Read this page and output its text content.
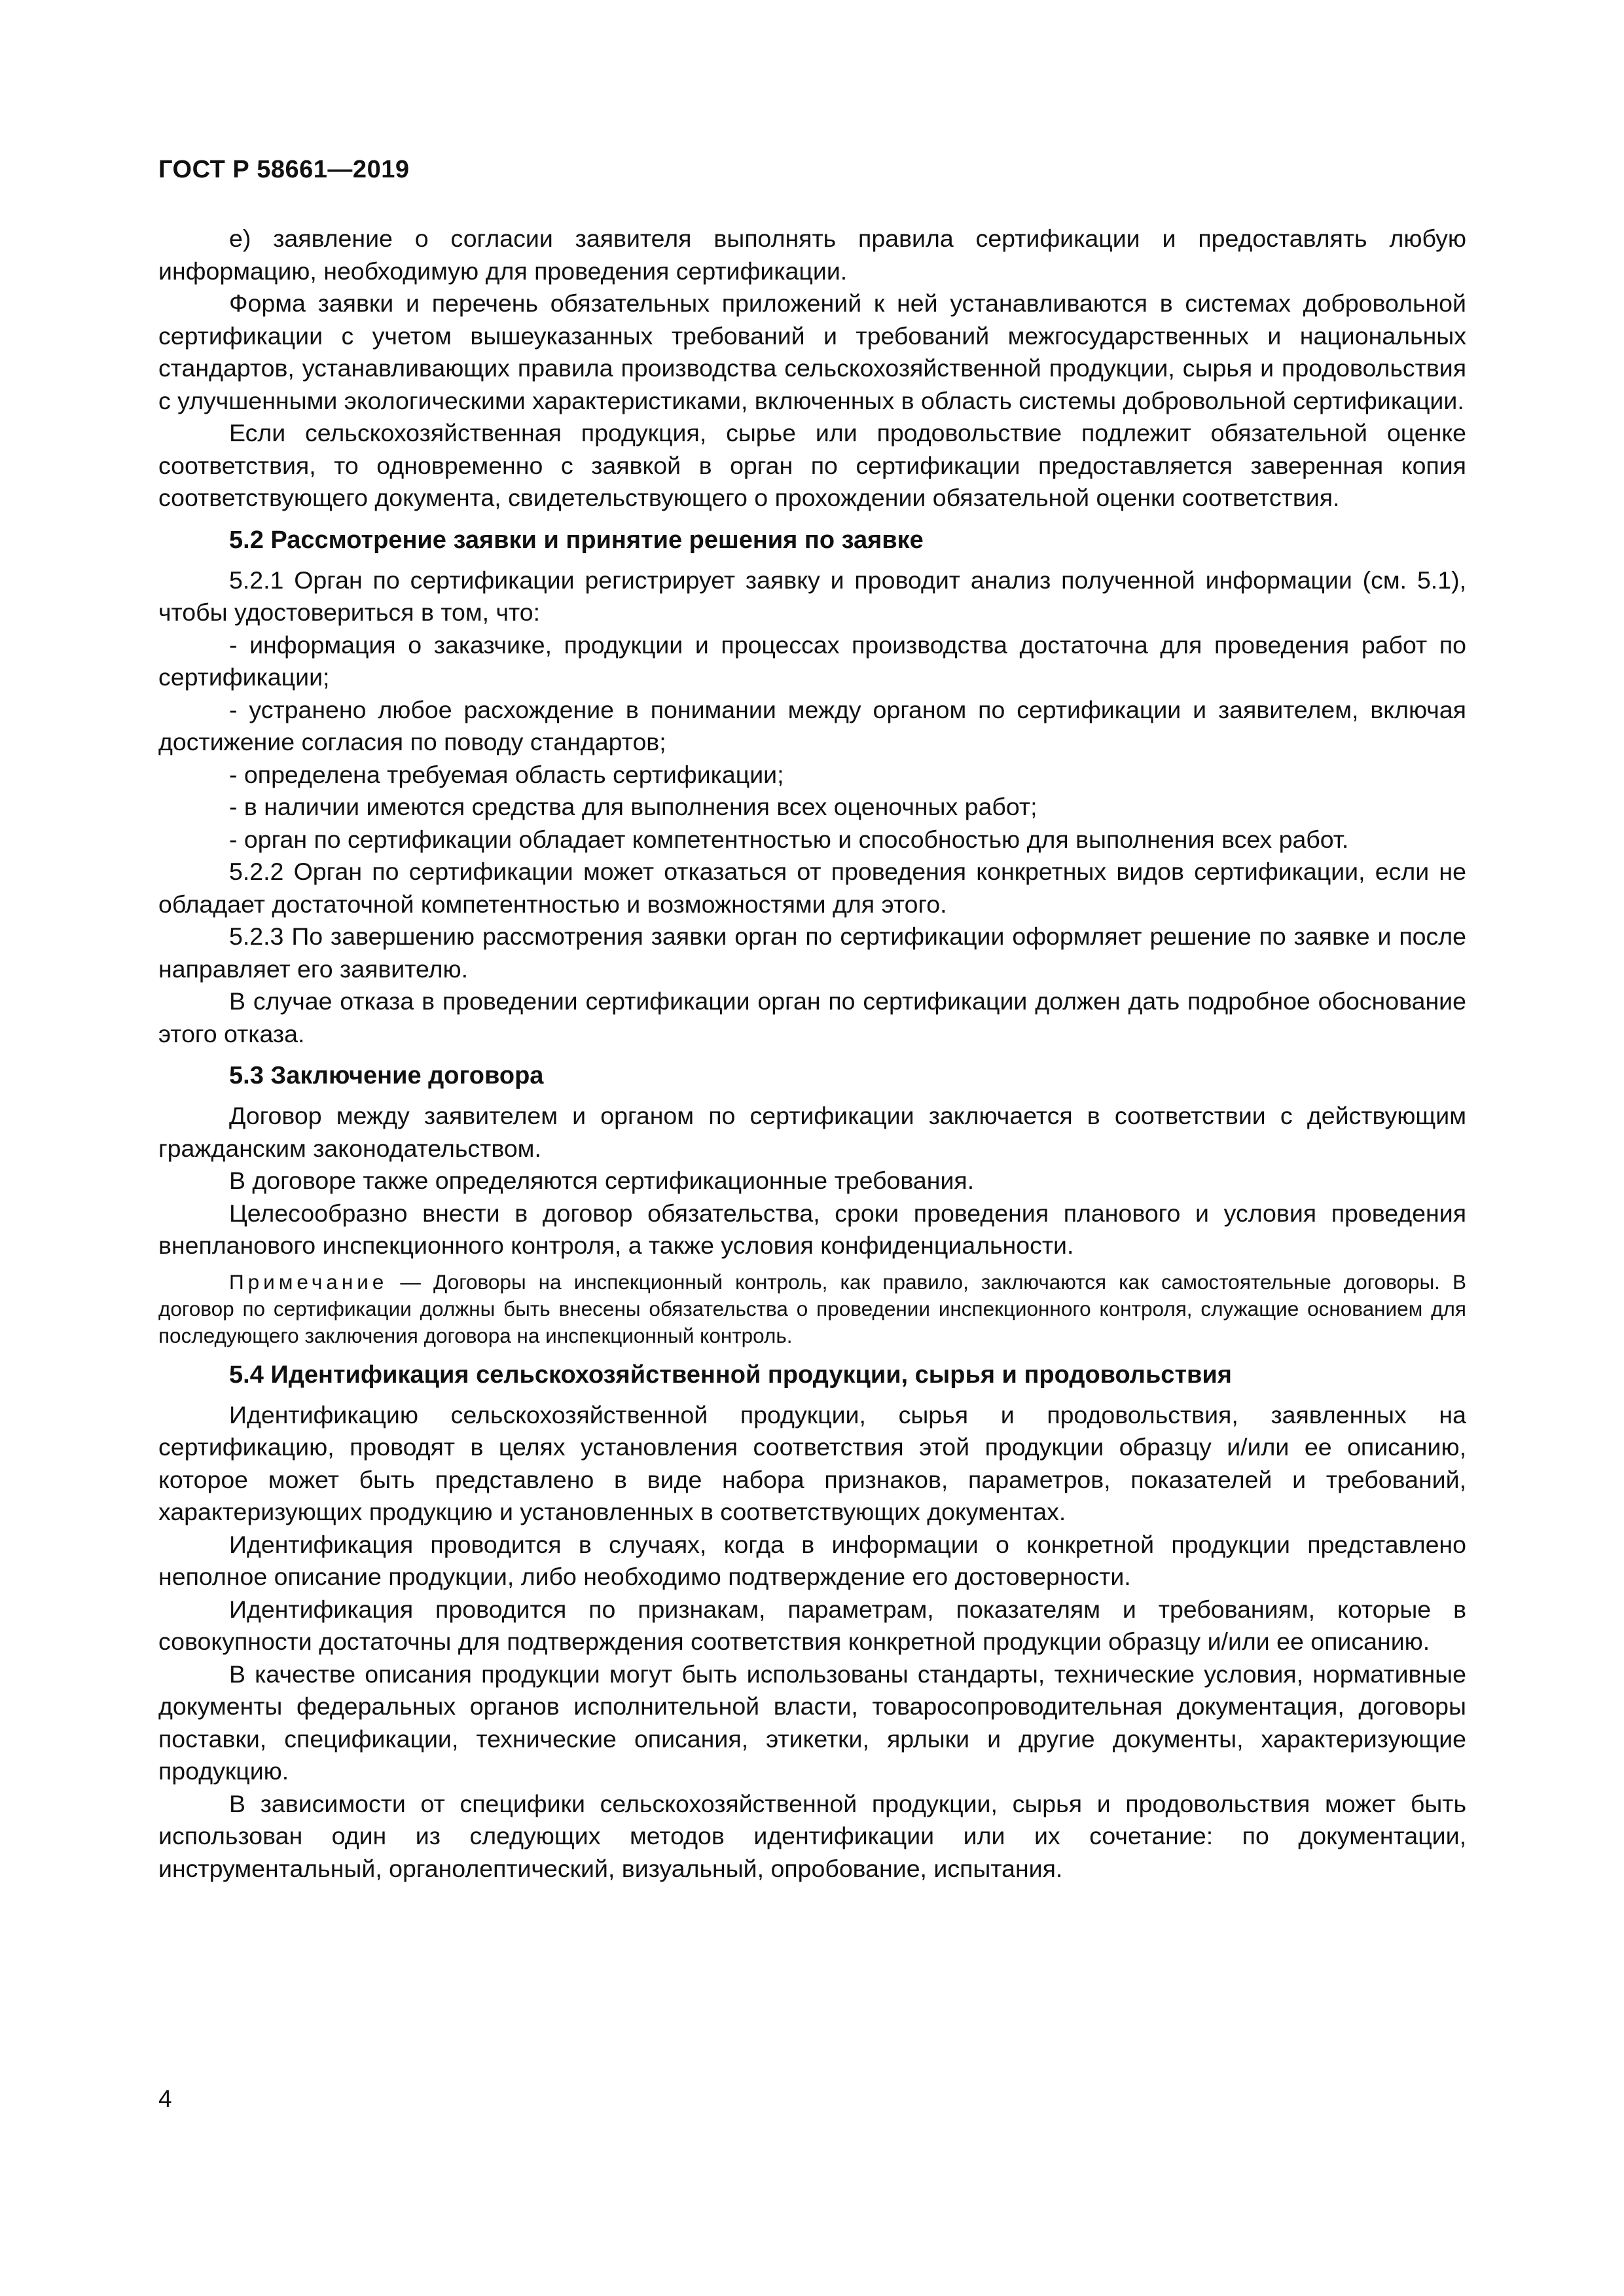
ГОСТ Р 58661—2019

е) заявление о согласии заявителя выполнять правила сертификации и предоставлять любую информацию, необходимую для проведения сертификации.

Форма заявки и перечень обязательных приложений к ней устанавливаются в системах добровольной сертификации с учетом вышеуказанных требований и требований межгосударственных и национальных стандартов, устанавливающих правила производства сельскохозяйственной продукции, сырья и продовольствия с улучшенными экологическими характеристиками, включенных в область системы добровольной сертификации.

Если сельскохозяйственная продукция, сырье или продовольствие подлежит обязательной оценке соответствия, то одновременно с заявкой в орган по сертификации предоставляется заверенная копия соответствующего документа, свидетельствующего о прохождении обязательной оценки соответствия.

5.2 Рассмотрение заявки и принятие решения по заявке

5.2.1 Орган по сертификации регистрирует заявку и проводит анализ полученной информации (см. 5.1), чтобы удостовериться в том, что:

- информация о заказчике, продукции и процессах производства достаточна для проведения работ по сертификации;

- устранено любое расхождение в понимании между органом по сертификации и заявителем, включая достижение согласия по поводу стандартов;

- определена требуемая область сертификации;

- в наличии имеются средства для выполнения всех оценочных работ;

- орган по сертификации обладает компетентностью и способностью для выполнения всех работ.

5.2.2 Орган по сертификации может отказаться от проведения конкретных видов сертификации, если не обладает достаточной компетентностью и возможностями для этого.

5.2.3 По завершению рассмотрения заявки орган по сертификации оформляет решение по заявке и после направляет его заявителю.

В случае отказа в проведении сертификации орган по сертификации должен дать подробное обоснование этого отказа.

5.3 Заключение договора

Договор между заявителем и органом по сертификации заключается в соответствии с действующим гражданским законодательством.

В договоре также определяются сертификационные требования.

Целесообразно внести в договор обязательства, сроки проведения планового и условия проведения внепланового инспекционного контроля, а также условия конфиденциальности.

Примечание — Договоры на инспекционный контроль, как правило, заключаются как самостоятельные договоры. В договор по сертификации должны быть внесены обязательства о проведении инспекционного контроля, служащие основанием для последующего заключения договора на инспекционный контроль.

5.4 Идентификация сельскохозяйственной продукции, сырья и продовольствия

Идентификацию сельскохозяйственной продукции, сырья и продовольствия, заявленных на сертификацию, проводят в целях установления соответствия этой продукции образцу и/или ее описанию, которое может быть представлено в виде набора признаков, параметров, показателей и требований, характеризующих продукцию и установленных в соответствующих документах.

Идентификация проводится в случаях, когда в информации о конкретной продукции представлено неполное описание продукции, либо необходимо подтверждение его достоверности.

Идентификация проводится по признакам, параметрам, показателям и требованиям, которые в совокупности достаточны для подтверждения соответствия конкретной продукции образцу и/или ее описанию.

В качестве описания продукции могут быть использованы стандарты, технические условия, нормативные документы федеральных органов исполнительной власти, товаросопроводительная документация, договоры поставки, спецификации, технические описания, этикетки, ярлыки и другие документы, характеризующие продукцию.

В зависимости от специфики сельскохозяйственной продукции, сырья и продовольствия может быть использован один из следующих методов идентификации или их сочетание: по документации, инструментальный, органолептический, визуальный, опробование, испытания.

4
